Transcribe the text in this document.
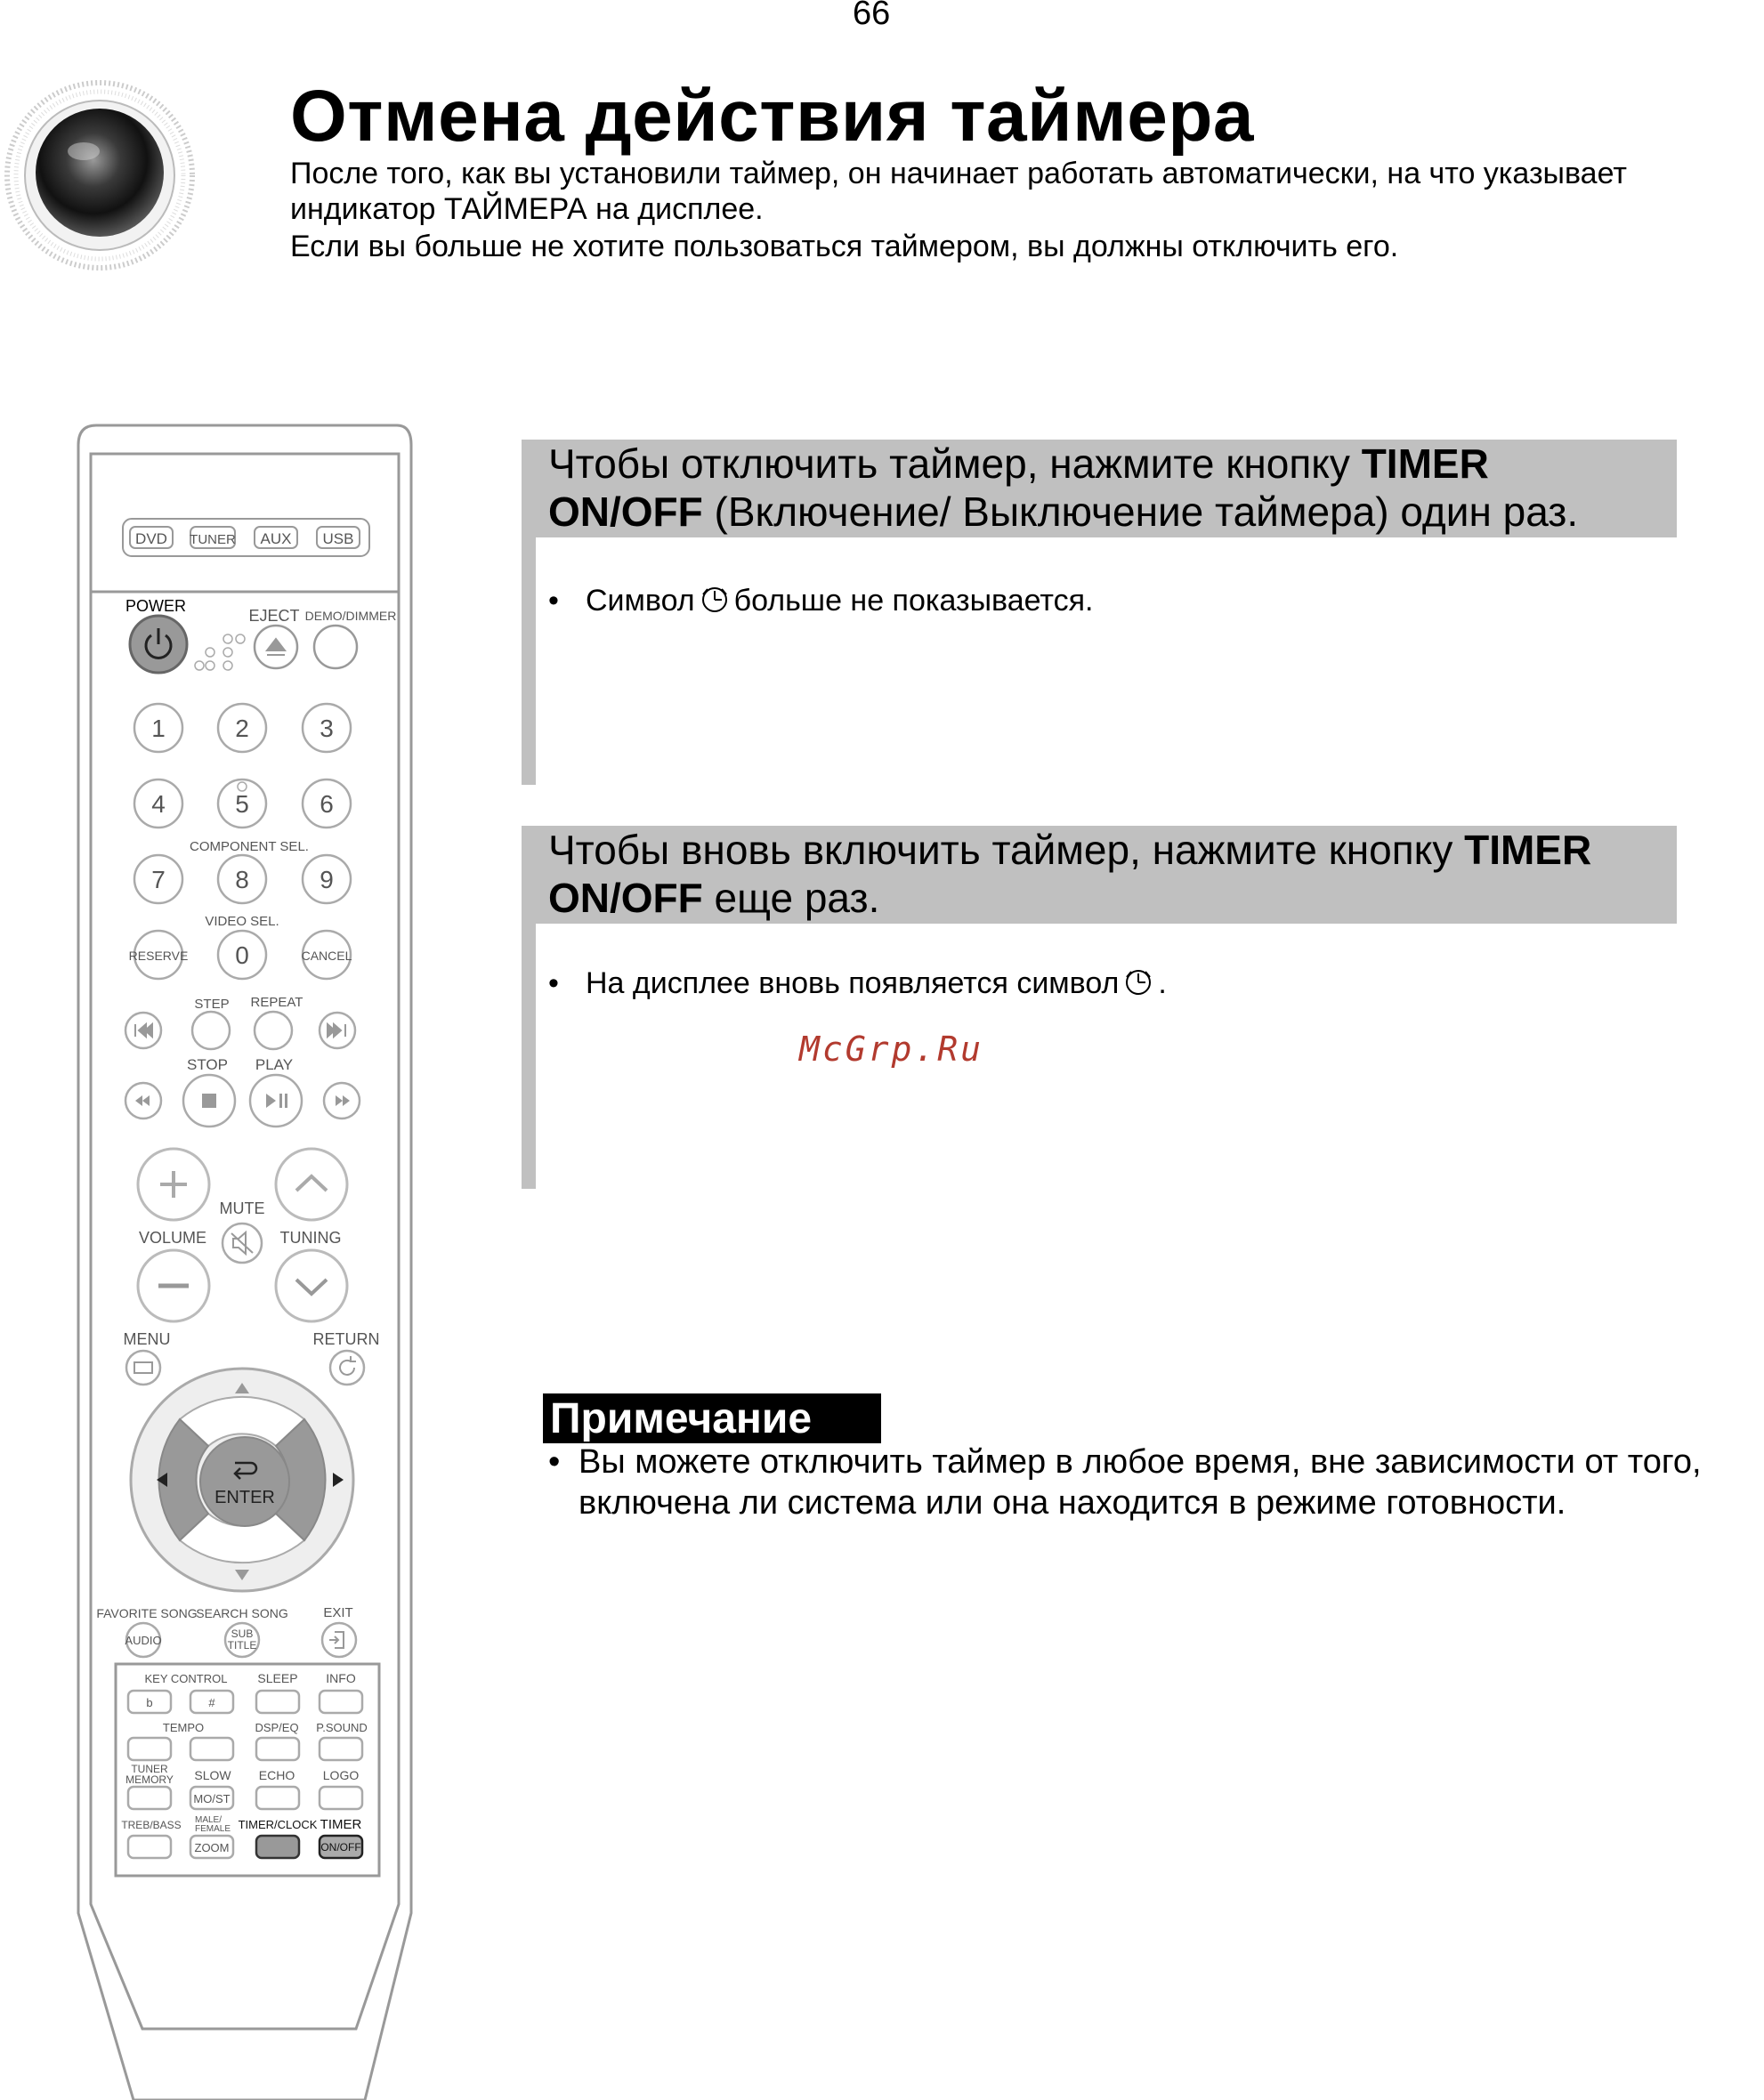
66
Отмена действия таймера
После того, как вы установили таймер, он начинает работать автоматически, на что указывает
индикатор ТАЙМЕРА на дисплее.
Если вы больше не хотите пользоваться таймером, вы должны отключить его.
Чтобы отключить таймер, нажмите кнопку TIMER
ON/OFF (Включение/ Выключение таймера) один раз.
• Символ больше не показывается.
Чтобы вновь включить таймер, нажмите кнопку TIMER
ON/OFF еще раз.
• На дисплее вновь появляется символ .
McGrp.Ru
Примечание
• Вы можете отключить таймер в любое время, вне зависимости от того,
включена ли система или она находится в режиме готовности.
DVD TUNER AUX USB
POWER
EJECT DEMO/DIMMER
1	2	3
4	5	6
7	8	9
0
COMPONENT SEL.
VIDEO SEL.
RESERVE	CANCEL
STEP REPEAT
STOP PLAY
MUTE
VOLUME	TUNING
MENU	RETURN
ENTER
FAVORITE SONG
SEARCH SONG	EXIT
AUDIO	SUB
TITLE
KEY CONTROL SLEEP INFO
TEMPO	DSP/EQ P.SOUND
TUNER
MEMORY SLOW ECHO LOGO
TREB/BASS MALE/
FEMALE TIMER/CLOCK TIMER
b	#
MO/ST
ZOOM	ON/OFF
